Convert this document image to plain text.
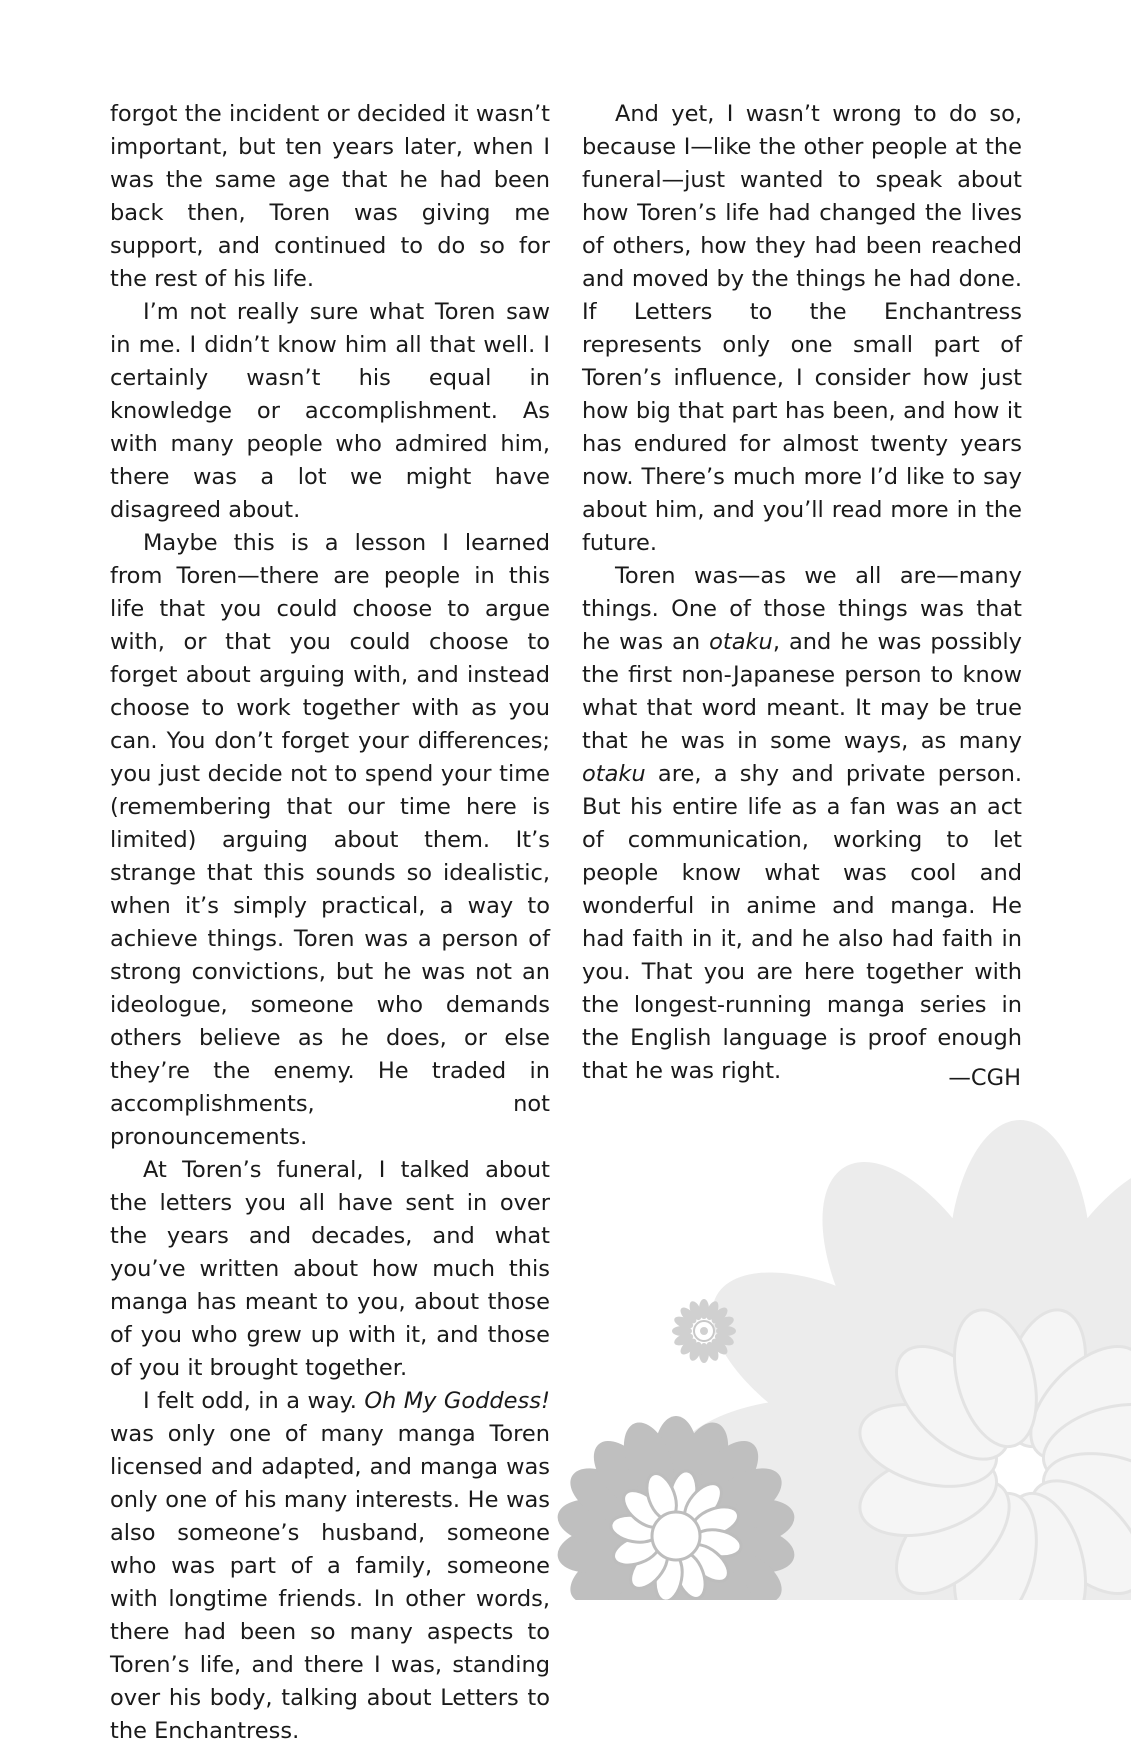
forgot the incident or decided it wasn’t important, but ten years later, when I was the same age that he had been back then, Toren was giving me support, and continued to do so for the rest of his life.

I’m not really sure what Toren saw in me. I didn’t know him all that well. I certainly wasn’t his equal in knowledge or accomplishment. As with many people who admired him, there was a lot we might have disagreed about.

Maybe this is a lesson I learned from Toren—there are people in this life that you could choose to argue with, or that you could choose to forget about arguing with, and instead choose to work together with as you can. You don’t forget your differences; you just decide not to spend your time (remembering that our time here is limited) arguing about them. It’s strange that this sounds so idealistic, when it’s simply practical, a way to achieve things. Toren was a person of strong convictions, but he was not an ideologue, someone who demands others believe as he does, or else they’re the enemy. He traded in accomplishments, not pronouncements.

At Toren’s funeral, I talked about the letters you all have sent in over the years and decades, and what you’ve written about how much this manga has meant to you, about those of you who grew up with it, and those of you it brought together.

I felt odd, in a way. Oh My Goddess! was only one of many manga Toren licensed and adapted, and manga was only one of his many interests. He was also someone’s husband, someone who was part of a family, someone with longtime friends. In other words, there had been so many aspects to Toren’s life, and there I was, standing over his body, talking about Letters to the Enchantress.

And yet, I wasn’t wrong to do so, because I—like the other people at the funeral—just wanted to speak about how Toren’s life had changed the lives of others, how they had been reached and moved by the things he had done. If Letters to the Enchantress represents only one small part of Toren’s influence, I consider how just how big that part has been, and how it has endured for almost twenty years now. There’s much more I’d like to say about him, and you’ll read more in the future.

Toren was—as we all are—many things. One of those things was that he was an otaku, and he was possibly the first non-Japanese person to know what that word meant. It may be true that he was in some ways, as many otaku are, a shy and private person. But his entire life as a fan was an act of communication, working to let people know what was cool and wonderful in anime and manga. He had faith in it, and he also had faith in you. That you are here together with the longest-running manga series in the English language is proof enough that he was right.	—CGH
